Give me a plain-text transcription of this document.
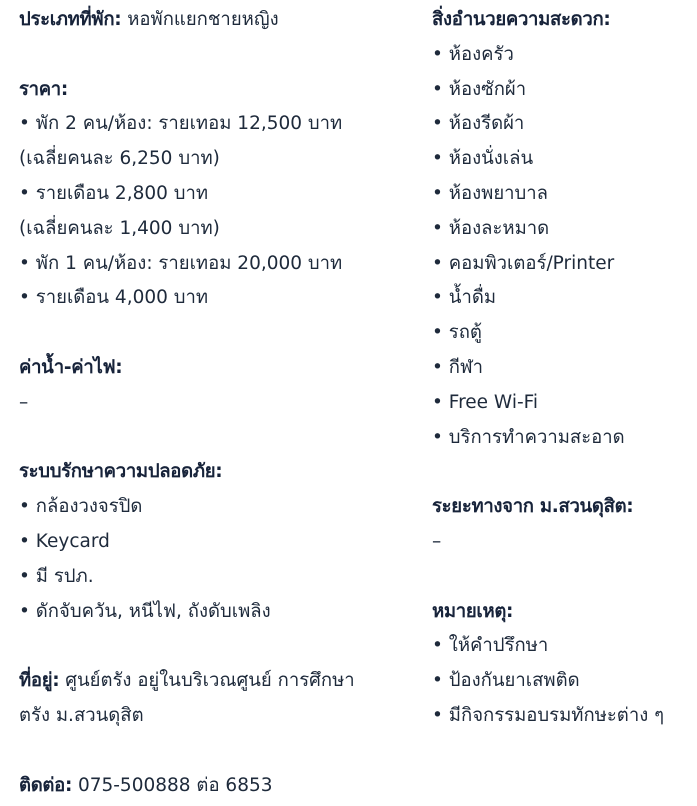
ประเภทที่พัก: หอพักแยกชายหญิง
ราคา:
• พัก 2 คน/ห้อง: รายเทอม 12,500 บาท
(เฉลี่ยคนละ 6,250 บาท)
• รายเดือน 2,800 บาท
(เฉลี่ยคนละ 1,400 บาท)
• พัก 1 คน/ห้อง: รายเทอม 20,000 บาท
• รายเดือน 4,000 บาท
ค่าน้ำ-ค่าไฟ:
–
ระบบรักษาความปลอดภัย:
• กล้องวงจรปิด
• Keycard
• มี รปภ.
• ดักจับควัน, หนีไฟ, ถังดับเพลิง
ที่อยู่: ศูนย์ตรัง อยู่ในบริเวณศูนย์ การศึกษา
ตรัง ม.สวนดุสิต
ติดต่อ: 075-500888 ต่อ 6853
สิ่งอำนวยความสะดวก:
• ห้องครัว
• ห้องซักผ้า
• ห้องรีดผ้า
• ห้องนั่งเล่น
• ห้องพยาบาล
• ห้องละหมาด
• คอมพิวเตอร์/Printer
• น้ำดื่ม
• รถตู้
• กีฬา
• Free Wi-Fi
• บริการทำความสะอาด
ระยะทางจาก ม.สวนดุสิต:
–
หมายเหตุ:
• ให้คำปรึกษา
• ป้องกันยาเสพติด
• มีกิจกรรมอบรมทักษะต่าง ๆ
